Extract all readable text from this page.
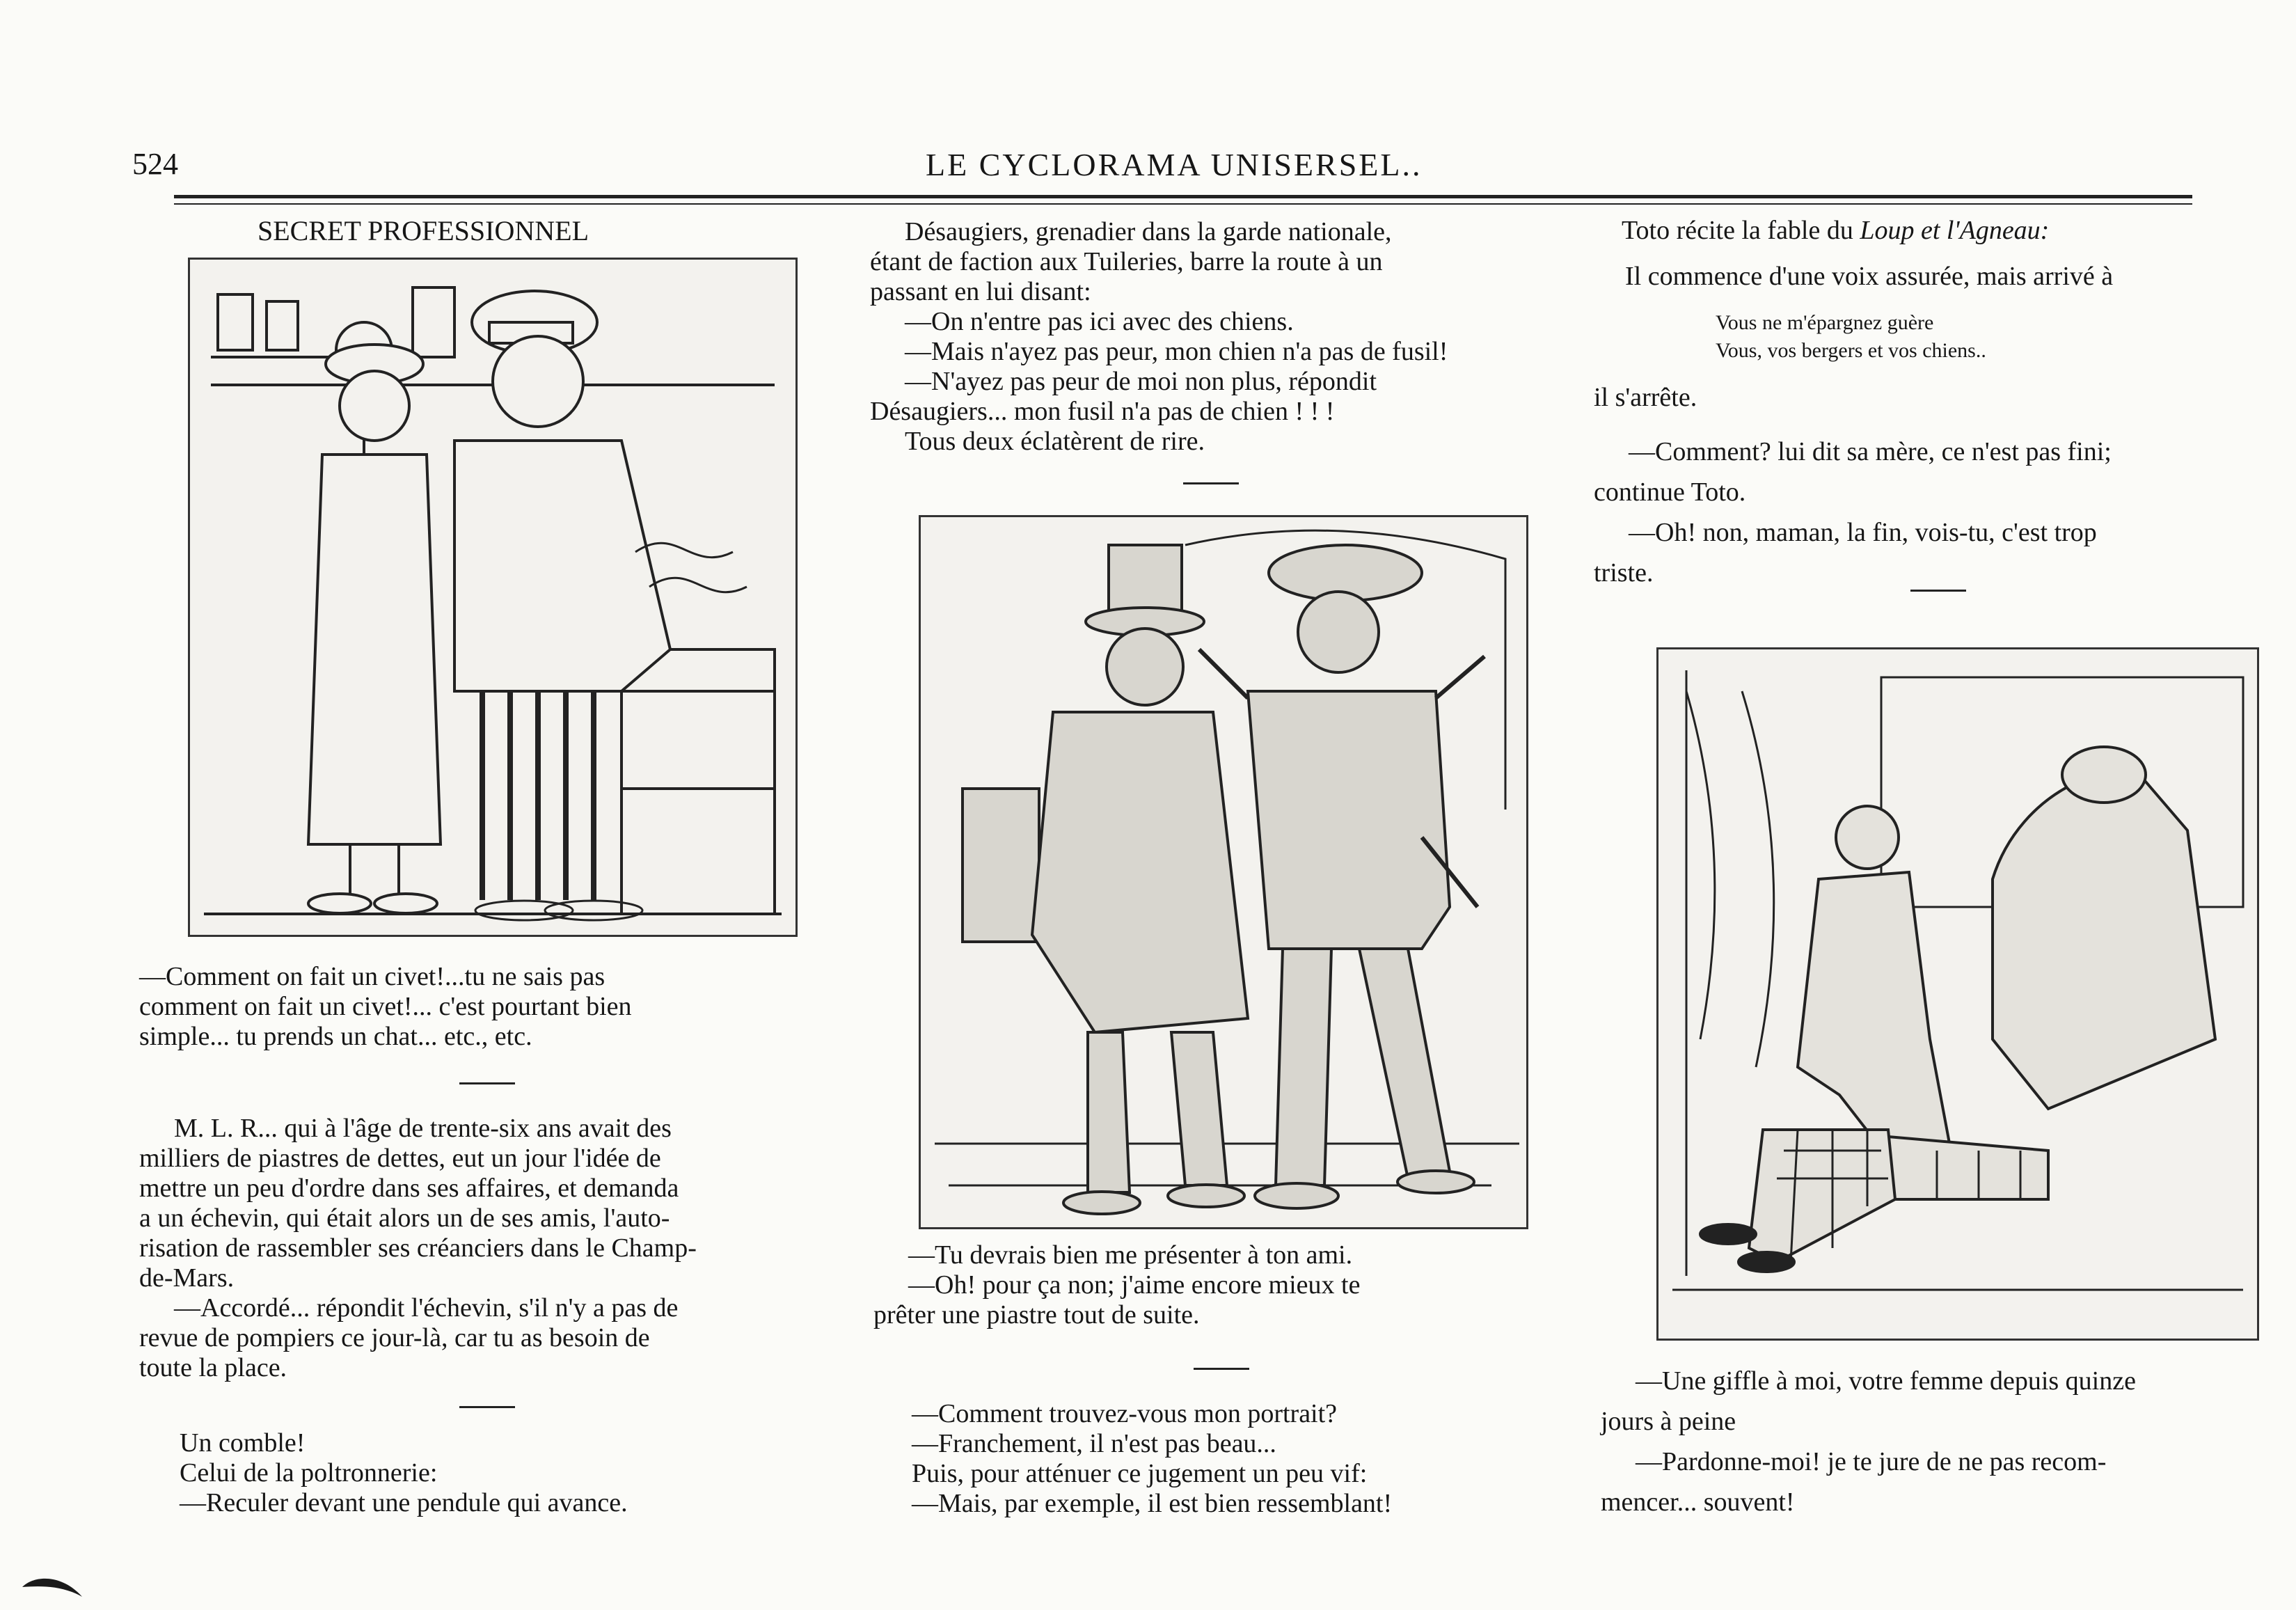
524	LE CYCLORAMA UNISERSEL..
SECRET PROFESSIONNEL

—Comment on fait un civet!...tu ne sais pas

comment on fait un civet!... c'est pourtant bien

simple... tu prends un chat... etc., etc.

M. L. R... qui à l'âge de trente-six ans avait des

milliers de piastres de dettes, eut un jour l'idée de

mettre un peu d'ordre dans ses affaires, et demanda

a un échevin, qui était alors un de ses amis, l'auto-

risation de rassembler ses créanciers dans le Champ-

de-Mars.

—Accordé... répondit l'échevin, s'il n'y a pas de

revue de pompiers ce jour-là, car tu as besoin de

toute la place.

Un comble!

Celui de la poltronnerie:

—Reculer devant une pendule qui avance.

Désaugiers, grenadier dans la garde nationale,

étant de faction aux Tuileries, barre la route à un

passant en lui disant:

—On n'entre pas ici avec des chiens.

—Mais n'ayez pas peur, mon chien n'a pas de fusil!

—N'ayez pas peur de moi non plus, répondit

Désaugiers... mon fusil n'a pas de chien ! ! !

Tous deux éclatèrent de rire.

—Tu devrais bien me présenter à ton ami.

—Oh! pour ça non; j'aime encore mieux te

prêter une piastre tout de suite.

—Comment trouvez-vous mon portrait?

—Franchement, il n'est pas beau...

Puis, pour atténuer ce jugement un peu vif:

—Mais, par exemple, il est bien ressemblant!

Toto récite la fable du Loup et l'Agneau:

Il commence d'une voix assurée, mais arrivé à

Vous ne m'épargnez guère

Vous, vos bergers et vos chiens..

il s'arrête.

—Comment? lui dit sa mère, ce n'est pas fini;

continue Toto.

—Oh! non, maman, la fin, vois-tu, c'est trop

triste.

—Une giffle à moi, votre femme depuis quinze

jours à peine

—Pardonne-moi! je te jure de ne pas recom-

mencer... souvent!
